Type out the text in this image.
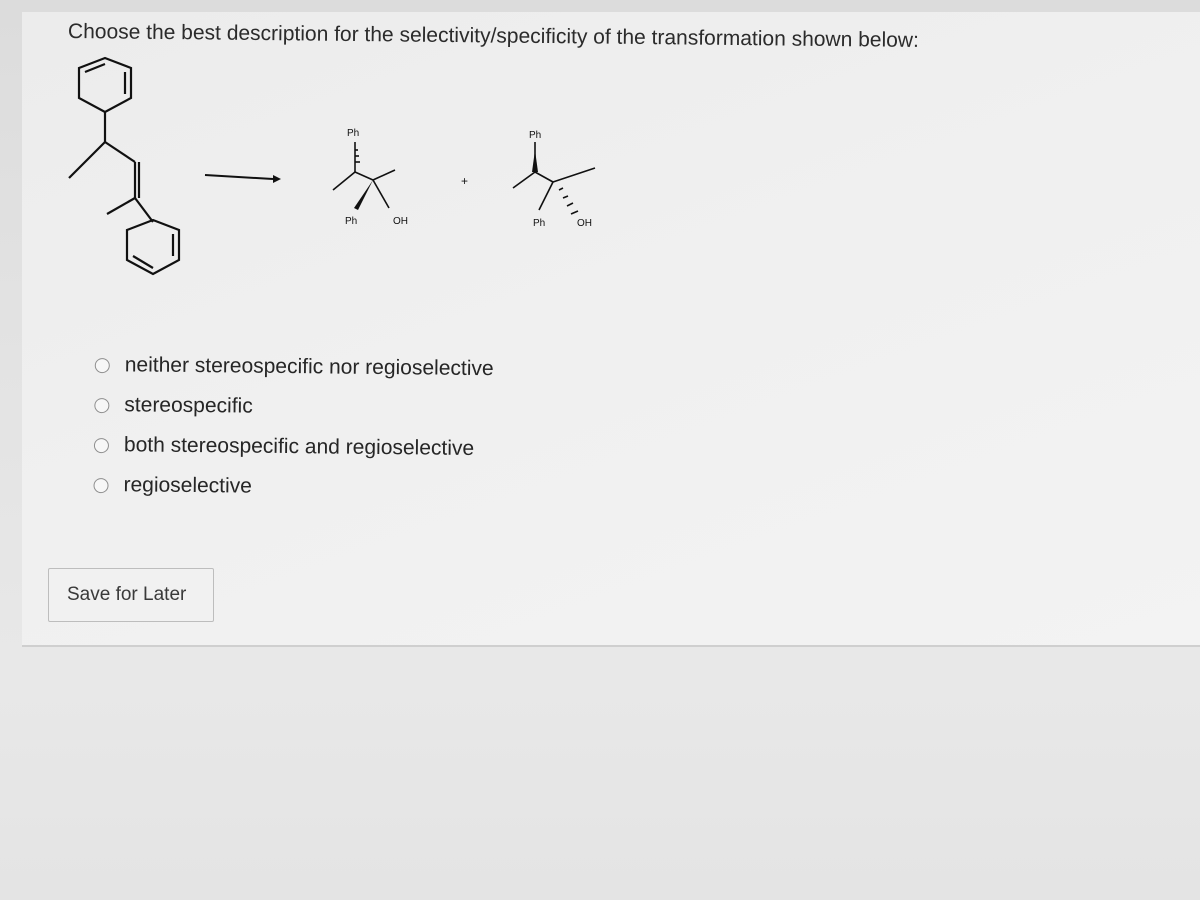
Choose the best description for the selectivity/specificity of the transformation shown below:
Ph
Ph	OH
+
Ph
Ph	OH
neither stereospecific nor regioselective
stereospecific
both stereospecific and regioselective
regioselective
Save for Later
